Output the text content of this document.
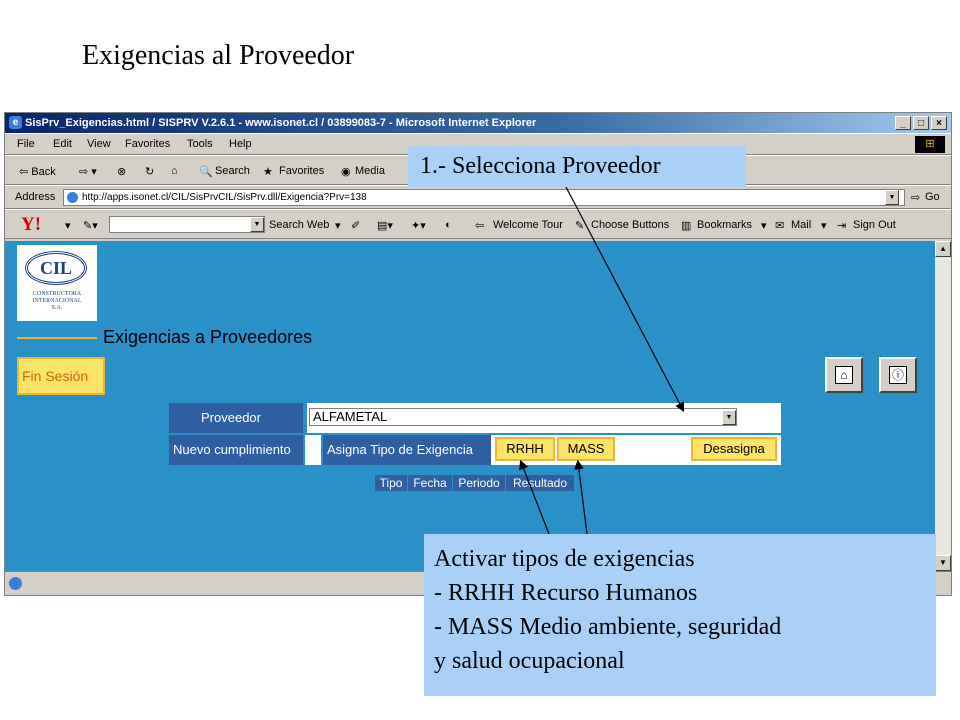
Exigencias al Proveedor
e SisPrv_Exigencias.html / SISPRV V.2.6.1 - www.isonet.cl / 03899083-7 - Microsoft Internet Explorer	_	□	×
File Edit View Favorites Tools Help	⊞
⇦ Back ⇨ ▾ ⊗ ↻ ⌂ 🔍 Search ★ Favorites ◉ Media
Address	http://apps.isonet.cl/CIL/SisPrvCIL/SisPrv.dll/Exigencia?Prv=138	▼	⇨ Go
Y! ▾ ✎▾	▼ Search Web ▾ ✐ ▤▾ ✦▾ ◐ ⇦ Welcome Tour ✎ Choose Buttons ▥ Bookmarks ▾ ✉ Mail ▾ ⇥ Sign Out
CIL
CONSTRUCTORA
INTERNACIONAL
S.A.
Exigencias a Proveedores
Fin Sesión	⌂	ⓘ
Proveedor	ALFAMETAL	▼
Nuevo cumplimiento	Asigna Tipo de Exigencia	RRHH	MASS	Desasigna
Tipo Fecha Periodo	Resultado
▲
▼
1.- Selecciona Proveedor
Activar tipos de exigencias
- RRHH Recurso Humanos
- MASS Medio ambiente, seguridad
y salud ocupacional
